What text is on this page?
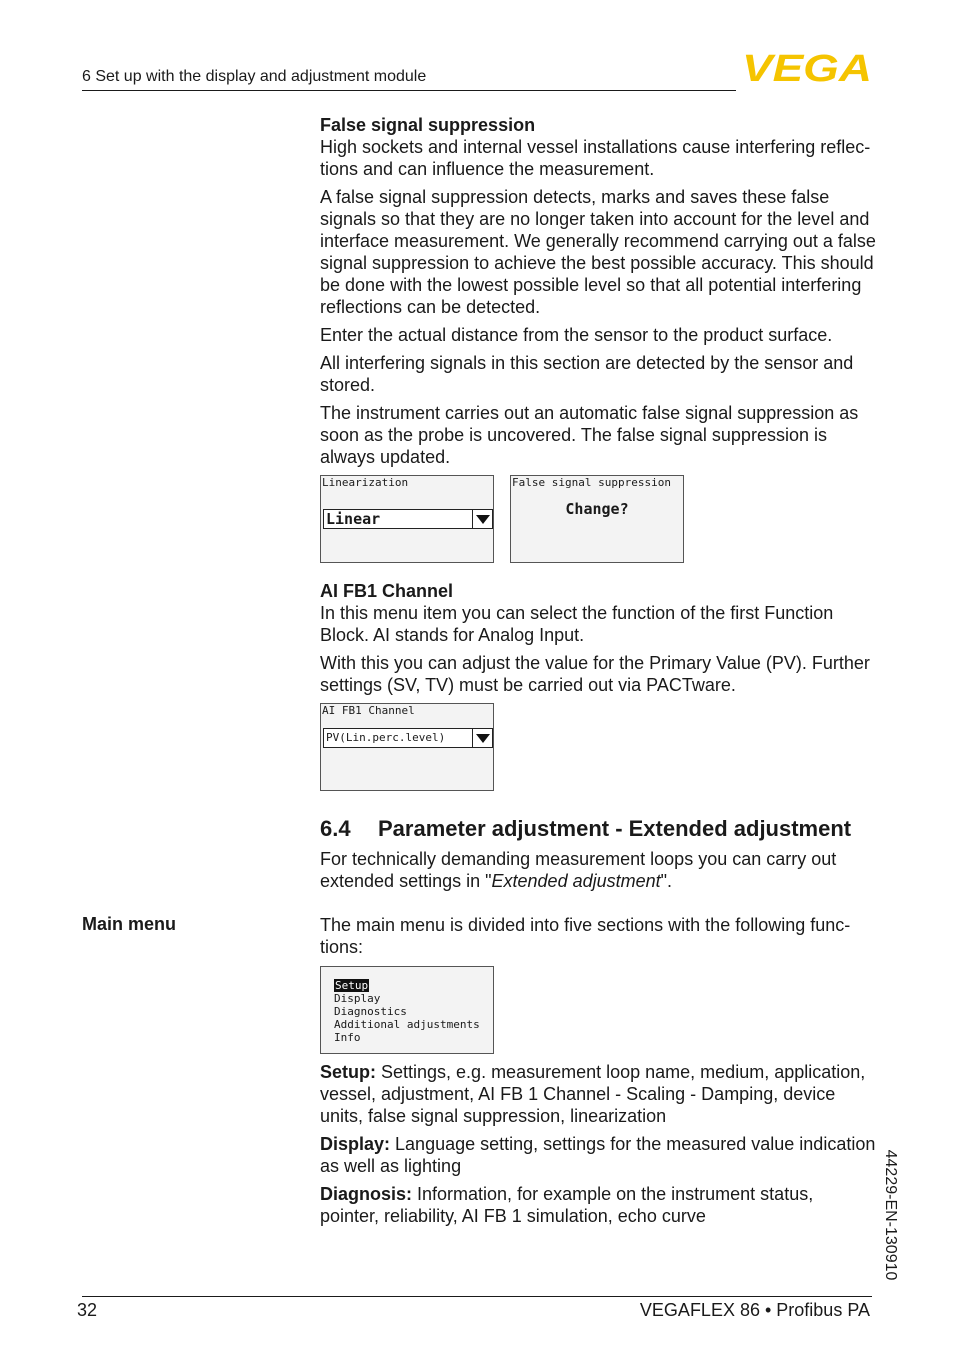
6 Set up with the display and adjustment module	VEGA
False signal suppression

High sockets and internal vessel installations cause interfering reflec- tions and can influence the measurement.

A false signal suppression detects, marks and saves these false signals so that they are no longer taken into account for the level and interface measurement. We generally recommend carrying out a false signal suppression to achieve the best possible accuracy. This should be done with the lowest possible level so that all potential interfering reflections can be detected.

Enter the actual distance from the sensor to the product surface.

All interfering signals in this section are detected by the sensor and stored.

The instrument carries out an automatic false signal suppression as soon as the probe is uncovered. The false signal suppression is always updated.

Linearization
Linear
False signal suppression
Change?
AI FB1 Channel

In this menu item you can select the function of the first Function Block. AI stands for Analog Input.

With this you can adjust the value for the Primary Value (PV). Further settings (SV, TV) must be carried out via PACTware.

AI FB1 Channel
PV(Lin.perc.level)
6.4 Parameter adjustment - Extended adjustment

For technically demanding measurement loops you can carry out extended settings in "Extended adjustment".

Main menu	The main menu is divided into five sections with the following func- tions:

Setup
Display
Diagnostics
Additional adjustments
Info

Setup: Settings, e.g. measurement loop name, medium, application, vessel, adjustment, AI FB 1 Channel - Scaling - Damping, device units, false signal suppression, linearization

Display: Language setting, settings for the measured value indication as well as lighting

Diagnosis: Information, for example on the instrument status, pointer, reliability, AI FB 1 simulation, echo curve	44229-EN-130910
32	VEGAFLEX 86 • Profibus PA
